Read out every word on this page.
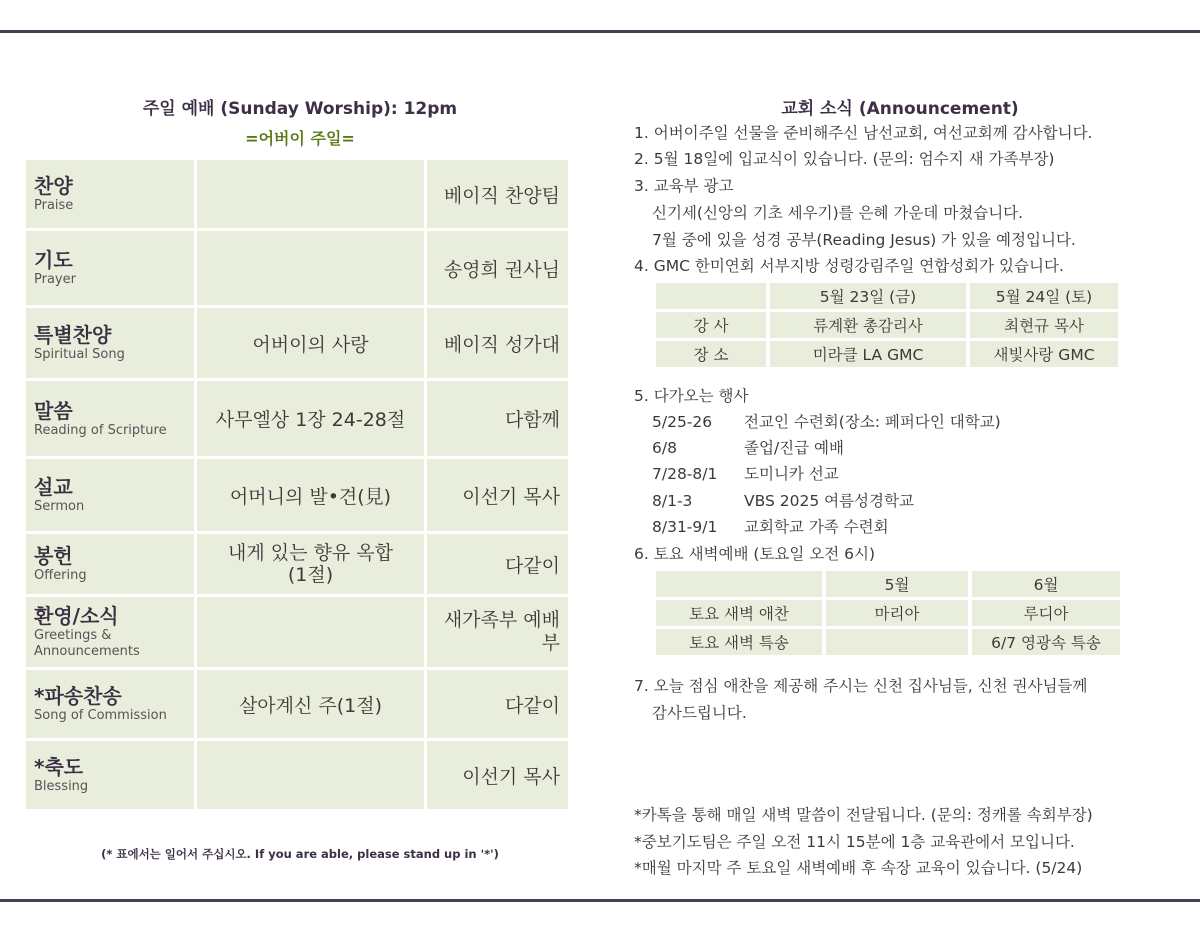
주일 예배 (Sunday Worship): 12pm
=어버이 주일=
찬양
Praise		베이직 찬양팀

기도
Prayer		송영희 권사님

특별찬양
Spiritual Song	어버이의 사랑	베이직 성가대

말씀
Reading of Scripture	사무엘상 1장 24-28절	다함께

설교
Sermon	어머니의 발•견(見)	이선기 목사

봉헌
Offering	내게 있는 향유 옥합
(1절)	다같이

환영/소식
Greetings & Announcements		새가족부 예배부

*파송찬송
Song of Commission	살아계신 주(1절)	다같이

*축도
Blessing		이선기 목사
(* 표에서는 일어서 주십시오. If you are able, please stand up in '*')
교회 소식 (Announcement)
1. 어버이주일 선물을 준비해주신 남선교회, 여선교회께 감사합니다.
2. 5월 18일에 입교식이 있습니다. (문의: 엄수지 새 가족부장)
3. 교육부 광고
신기세(신앙의 기초 세우기)를 은혜 가운데 마쳤습니다.
7월 중에 있을 성경 공부(Reading Jesus) 가 있을 예정입니다.
4. GMC 한미연회 서부지방 성령강림주일 연합성회가 있습니다.
	5월 23일 (금)	5월 24일 (토)
강 사	류계환 총감리사	최현규 목사
장 소	미라클 LA GMC	새빛사랑 GMC
5. 다가오는 행사
5/25-26 전교인 수련회(장소: 페퍼다인 대학교)
6/8	졸업/진급 예배
7/28-8/1 도미니카 선교
8/1-3	VBS 2025 여름성경학교
8/31-9/1 교회학교 가족 수련회
6. 토요 새벽예배 (토요일 오전 6시)
	5월	6월
토요 새벽 애찬	마리아	루디아
토요 새벽 특송		6/7 영광속 특송
7. 오늘 점심 애찬을 제공해 주시는 신천 집사님들, 신천 권사님들께
감사드립니다.
*카톡을 통해 매일 새벽 말씀이 전달됩니다. (문의: 정캐롤 속회부장)
*중보기도팀은 주일 오전 11시 15분에 1층 교육관에서 모입니다.
*매월 마지막 주 토요일 새벽예배 후 속장 교육이 있습니다. (5/24)
